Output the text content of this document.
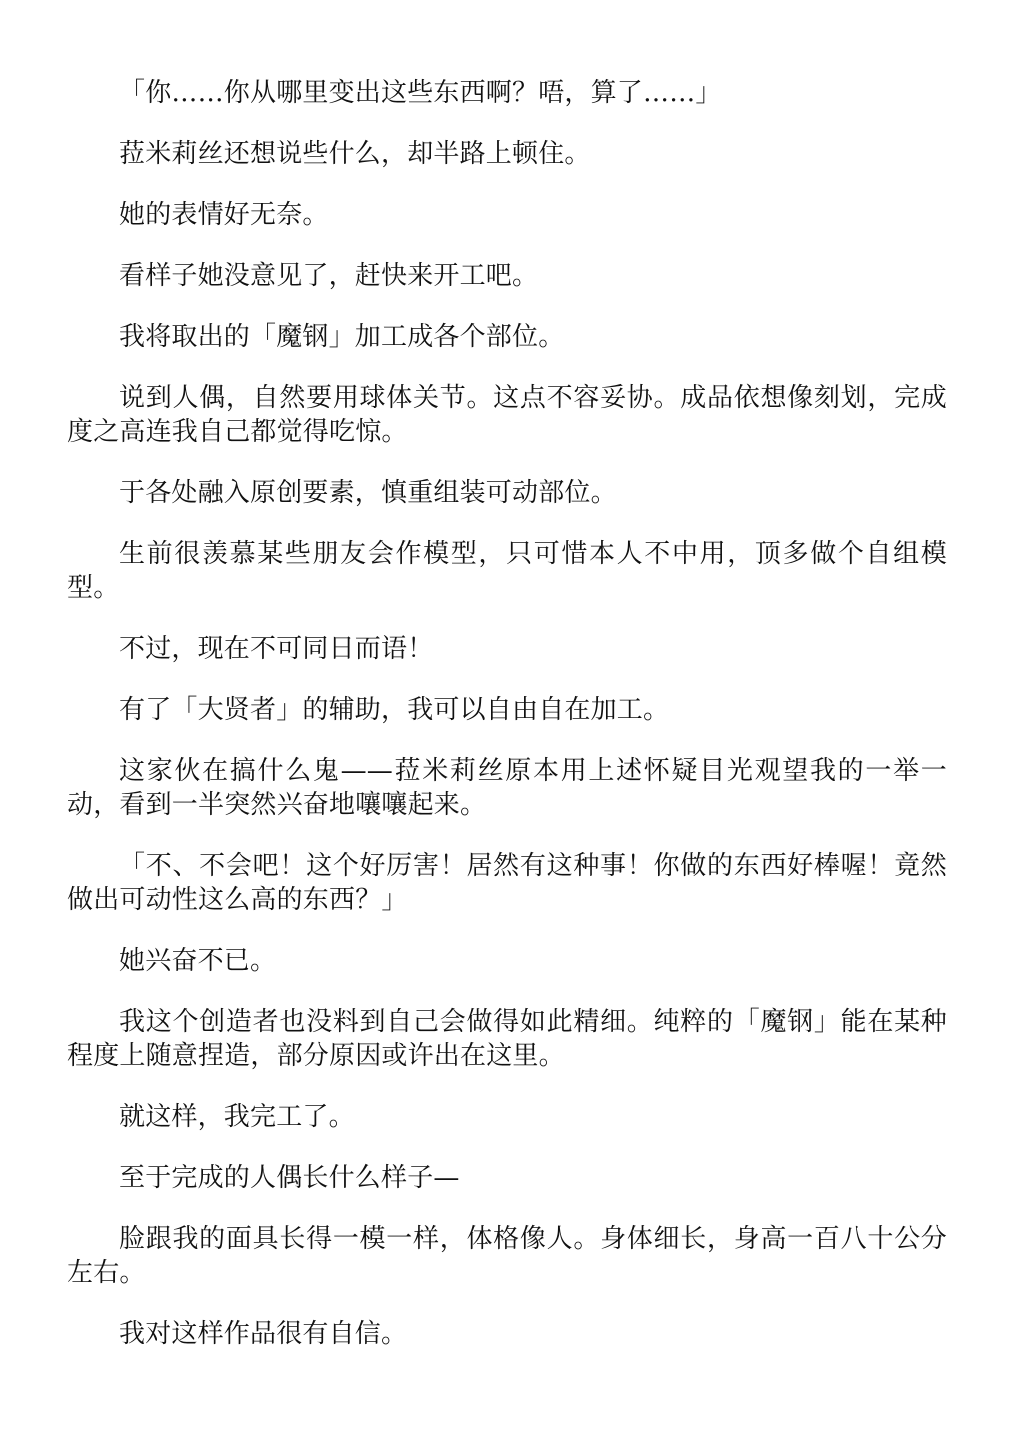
「你……你从哪里变出这些东西啊？唔，算了……」

菈米莉丝还想说些什么，却半路上顿住。

她的表情好无奈。

看样子她没意见了，赶快来开工吧。

我将取出的「魔钢」加工成各个部位。

说到人偶，自然要用球体关节。这点不容妥协。成品依想像刻划，完成度之高连我自己都觉得吃惊。

于各处融入原创要素，慎重组装可动部位。

生前很羡慕某些朋友会作模型，只可惜本人不中用，顶多做个自组模型。

不过，现在不可同日而语！

有了「大贤者」的辅助，我可以自由自在加工。

这家伙在搞什么鬼——菈米莉丝原本用上述怀疑目光观望我的一举一动，看到一半突然兴奋地嚷嚷起来。

「不、不会吧！这个好厉害！居然有这种事！你做的东西好棒喔！竟然做出可动性这么高的东西？」

她兴奋不已。

我这个创造者也没料到自己会做得如此精细。纯粹的「魔钢」能在某种程度上随意捏造，部分原因或许出在这里。

就这样，我完工了。

至于完成的人偶长什么样子—

脸跟我的面具长得一模一样，体格像人。身体细长，身高一百八十公分左右。

我对这样作品很有自信。
